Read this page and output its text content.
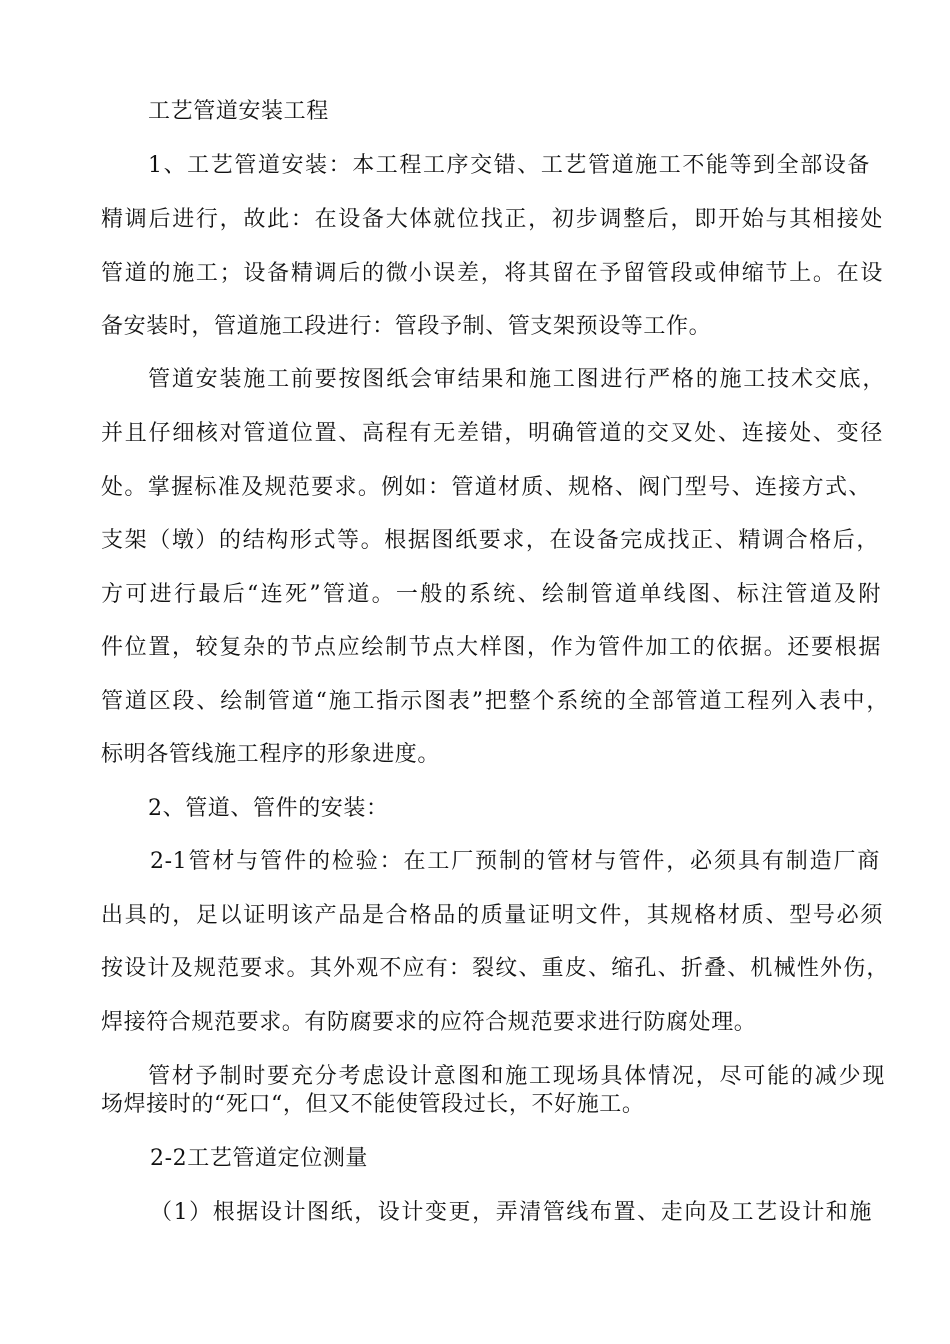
工艺管道安装工程
1、工艺管道安装：本工程工序交错、工艺管道施工不能等到全部设备
精调后进行，故此：在设备大体就位找正，初步调整后，即开始与其相接处
管道的施工；设备精调后的微小误差，将其留在予留管段或伸缩节上。在设
备安装时，管道施工段进行：管段予制、管支架预设等工作。
管道安装施工前要按图纸会审结果和施工图进行严格的施工技术交底，
并且仔细核对管道位置、高程有无差错，明确管道的交叉处、连接处、变径
处。掌握标准及规范要求。例如：管道材质、规格、阀门型号、连接方式、
支架（墩）的结构形式等。根据图纸要求，在设备完成找正、精调合格后，
方可进行最后“连死”管道。一般的系统、绘制管道单线图、标注管道及附
件位置，较复杂的节点应绘制节点大样图，作为管件加工的依据。还要根据
管道区段、绘制管道“施工指示图表”把整个系统的全部管道工程列入表中，
标明各管线施工程序的形象进度。
2、管道、管件的安装：
2-1管材与管件的检验：在工厂预制的管材与管件，必须具有制造厂商
出具的，足以证明该产品是合格品的质量证明文件，其规格材质、型号必须
按设计及规范要求。其外观不应有：裂纹、重皮、缩孔、折叠、机械性外伤，
焊接符合规范要求。有防腐要求的应符合规范要求进行防腐处理。
管材予制时要充分考虑设计意图和施工现场具体情况，尽可能的减少现
场焊接时的“死口“，但又不能使管段过长，不好施工。
2-2工艺管道定位测量
（1）根据设计图纸，设计变更，弄清管线布置、走向及工艺设计和施
